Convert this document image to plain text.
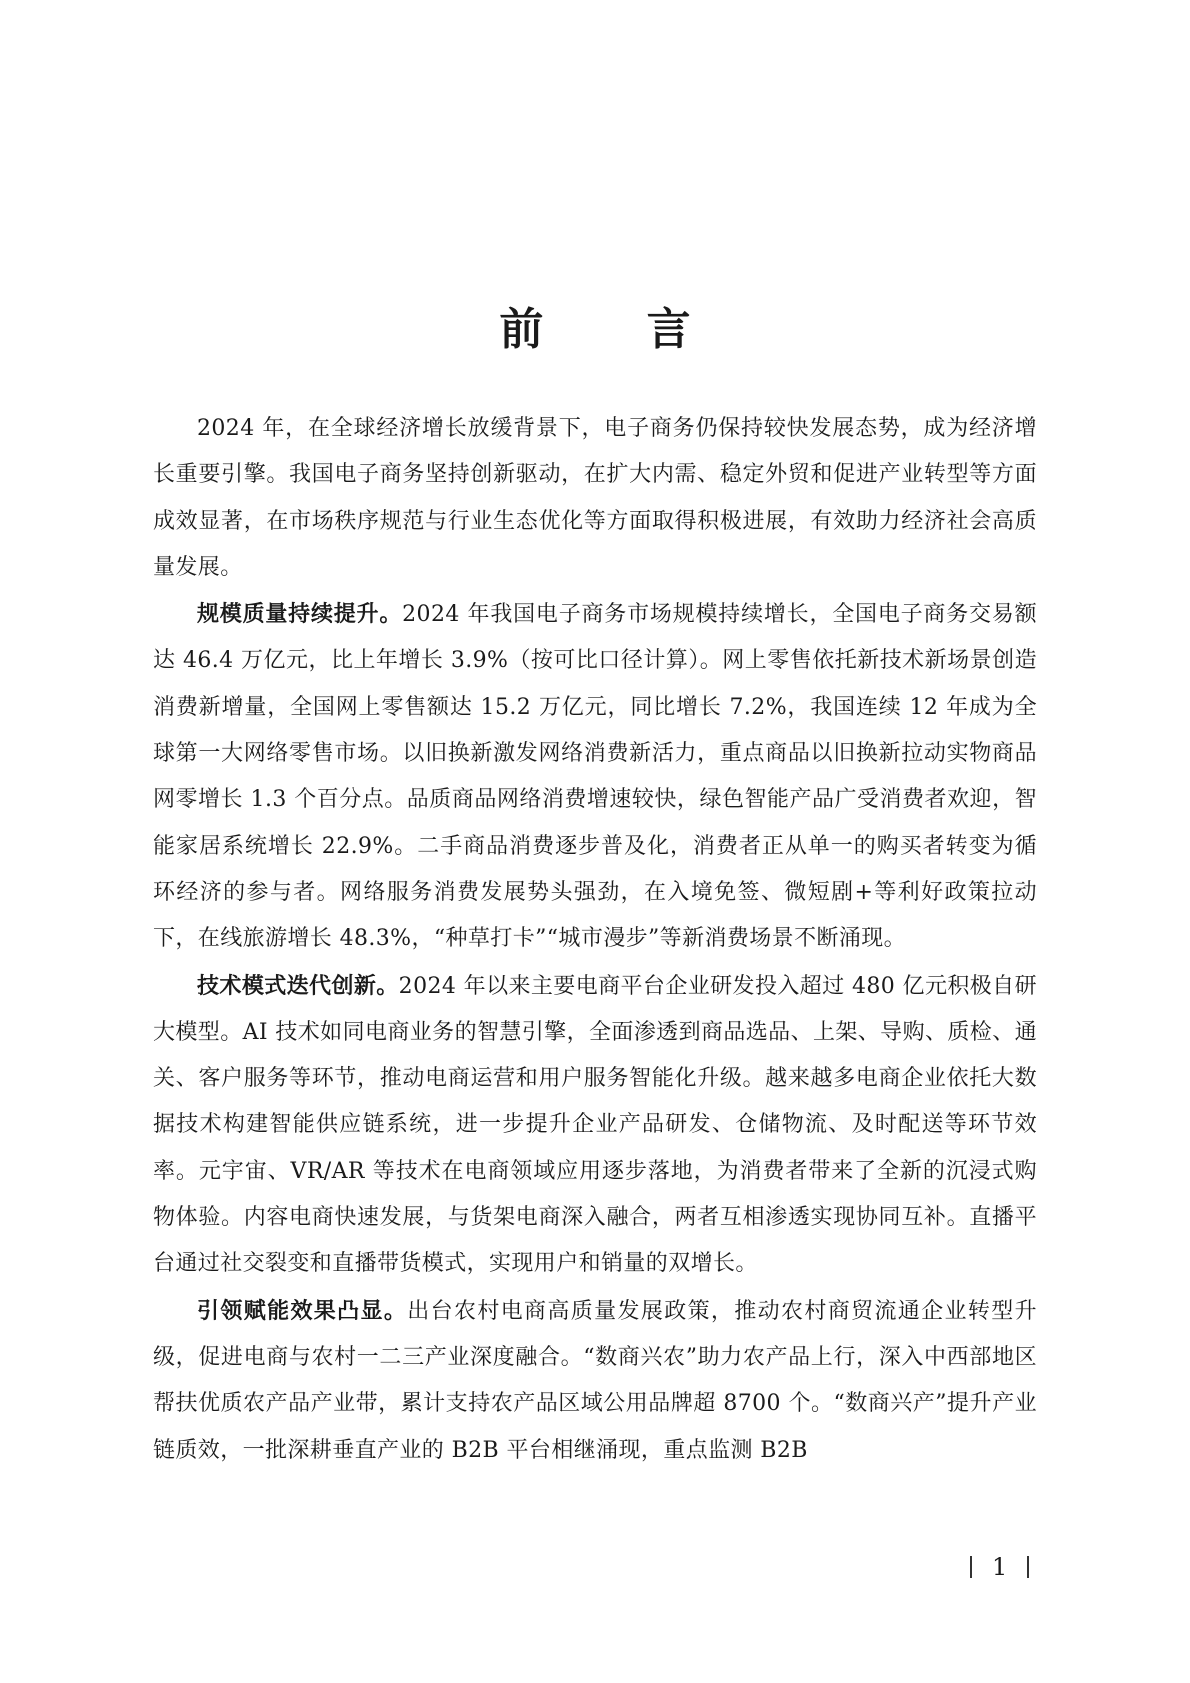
前 言

2024 年，在全球经济增长放缓背景下，电子商务仍保持较快发展态势，成为经济增长重要引擎。我国电子商务坚持创新驱动，在扩大内需、稳定外贸和促进产业转型等方面成效显著，在市场秩序规范与行业生态优化等方面取得积极进展，有效助力经济社会高质量发展。

规模质量持续提升。2024 年我国电子商务市场规模持续增长，全国电子商务交易额达 46.4 万亿元，比上年增长 3.9%（按可比口径计算）。网上零售依托新技术新场景创造消费新增量，全国网上零售额达 15.2 万亿元，同比增长 7.2%，我国连续 12 年成为全球第一大网络零售市场。以旧换新激发网络消费新活力，重点商品以旧换新拉动实物商品网零增长 1.3 个百分点。品质商品网络消费增速较快，绿色智能产品广受消费者欢迎，智能家居系统增长 22.9%。二手商品消费逐步普及化，消费者正从单一的购买者转变为循环经济的参与者。网络服务消费发展势头强劲，在入境免签、微短剧+等利好政策拉动下，在线旅游增长 48.3%，“种草打卡”“城市漫步”等新消费场景不断涌现。

技术模式迭代创新。2024 年以来主要电商平台企业研发投入超过 480 亿元积极自研大模型。AI 技术如同电商业务的智慧引擎，全面渗透到商品选品、上架、导购、质检、通关、客户服务等环节，推动电商运营和用户服务智能化升级。越来越多电商企业依托大数据技术构建智能供应链系统，进一步提升企业产品研发、仓储物流、及时配送等环节效率。元宇宙、VR/AR 等技术在电商领域应用逐步落地，为消费者带来了全新的沉浸式购物体验。内容电商快速发展，与货架电商深入融合，两者互相渗透实现协同互补。直播平台通过社交裂变和直播带货模式，实现用户和销量的双增长。

引领赋能效果凸显。出台农村电商高质量发展政策，推动农村商贸流通企业转型升级，促进电商与农村一二三产业深度融合。“数商兴农”助力农产品上行，深入中西部地区帮扶优质农产品产业带，累计支持农产品区域公用品牌超 8700 个。“数商兴产”提升产业链质效，一批深耕垂直产业的 B2B 平台相继涌现，重点监测 B2B

1
